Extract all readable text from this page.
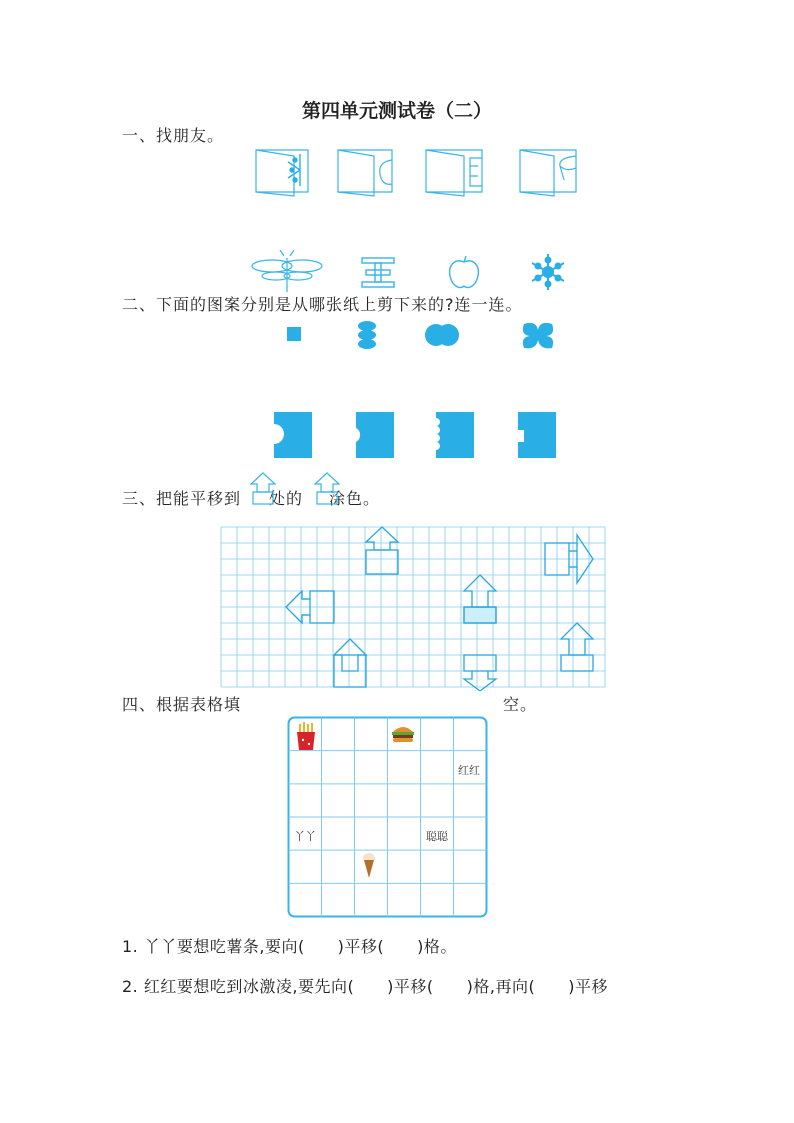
第四单元测试卷（二）
一、找朋友。
二、下面的图案分别是从哪张纸上剪下来的?连一连。
三、把能平移到 处的 涂色。
四、根据表格填	空。
红红
丫丫	聪聪
1. 丫丫要想吃薯条,要向(　　)平移(　　)格。
2. 红红要想吃到冰激凌,要先向(　　)平移(　　)格,再向(　　)平移
